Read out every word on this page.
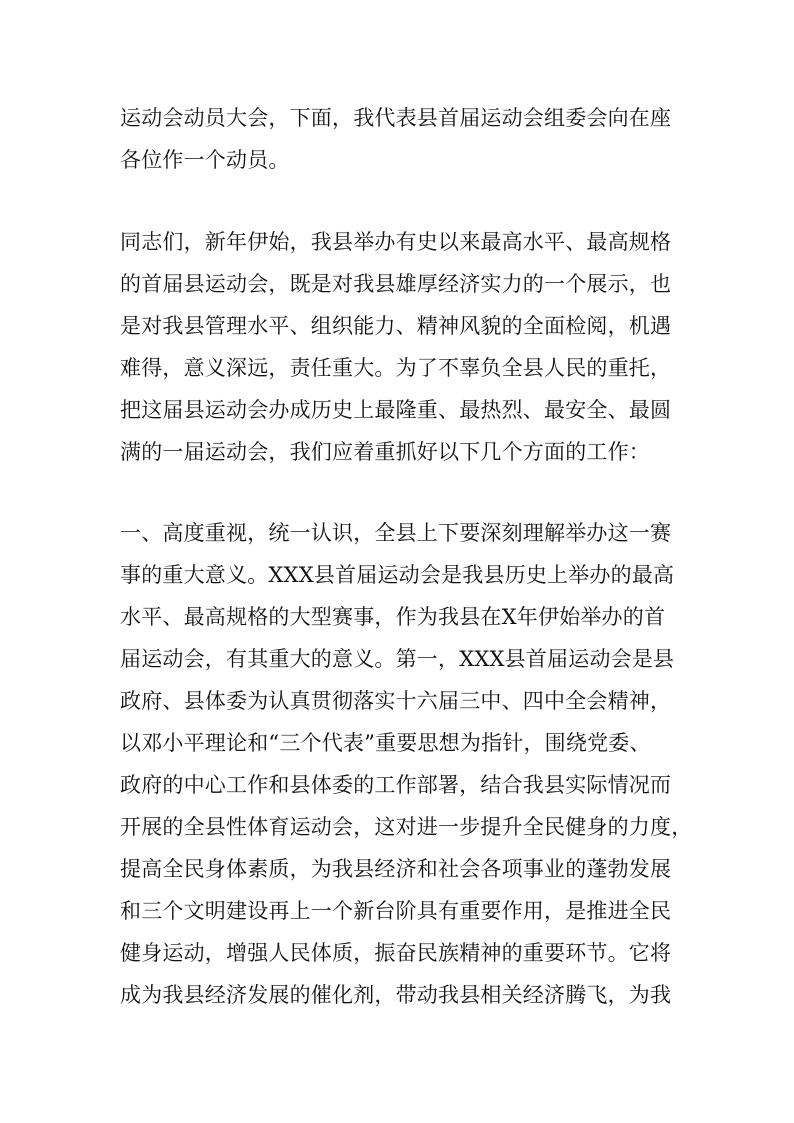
运动会动员大会，下面，我代表县首届运动会组委会向在座
各位作一个动员。
同志们，新年伊始，我县举办有史以来最高水平、最高规格
的首届县运动会，既是对我县雄厚经济实力的一个展示，也
是对我县管理水平、组织能力、精神风貌的全面检阅，机遇
难得，意义深远，责任重大。为了不辜负全县人民的重托，
把这届县运动会办成历史上最隆重、最热烈、最安全、最圆
满的一届运动会，我们应着重抓好以下几个方面的工作：
一、高度重视，统一认识，全县上下要深刻理解举办这一赛
事的重大意义。XXX县首届运动会是我县历史上举办的最高
水平、最高规格的大型赛事，作为我县在X年伊始举办的首
届运动会，有其重大的意义。第一，XXX县首届运动会是县
政府、县体委为认真贯彻落实十六届三中、四中全会精神，
以邓小平理论和“三个代表”重要思想为指针，围绕党委、
政府的中心工作和县体委的工作部署，结合我县实际情况而
开展的全县性体育运动会，这对进一步提升全民健身的力度，
提高全民身体素质，为我县经济和社会各项事业的蓬勃发展
和三个文明建设再上一个新台阶具有重要作用，是推进全民
健身运动，增强人民体质，振奋民族精神的重要环节。它将
成为我县经济发展的催化剂，带动我县相关经济腾飞，为我
